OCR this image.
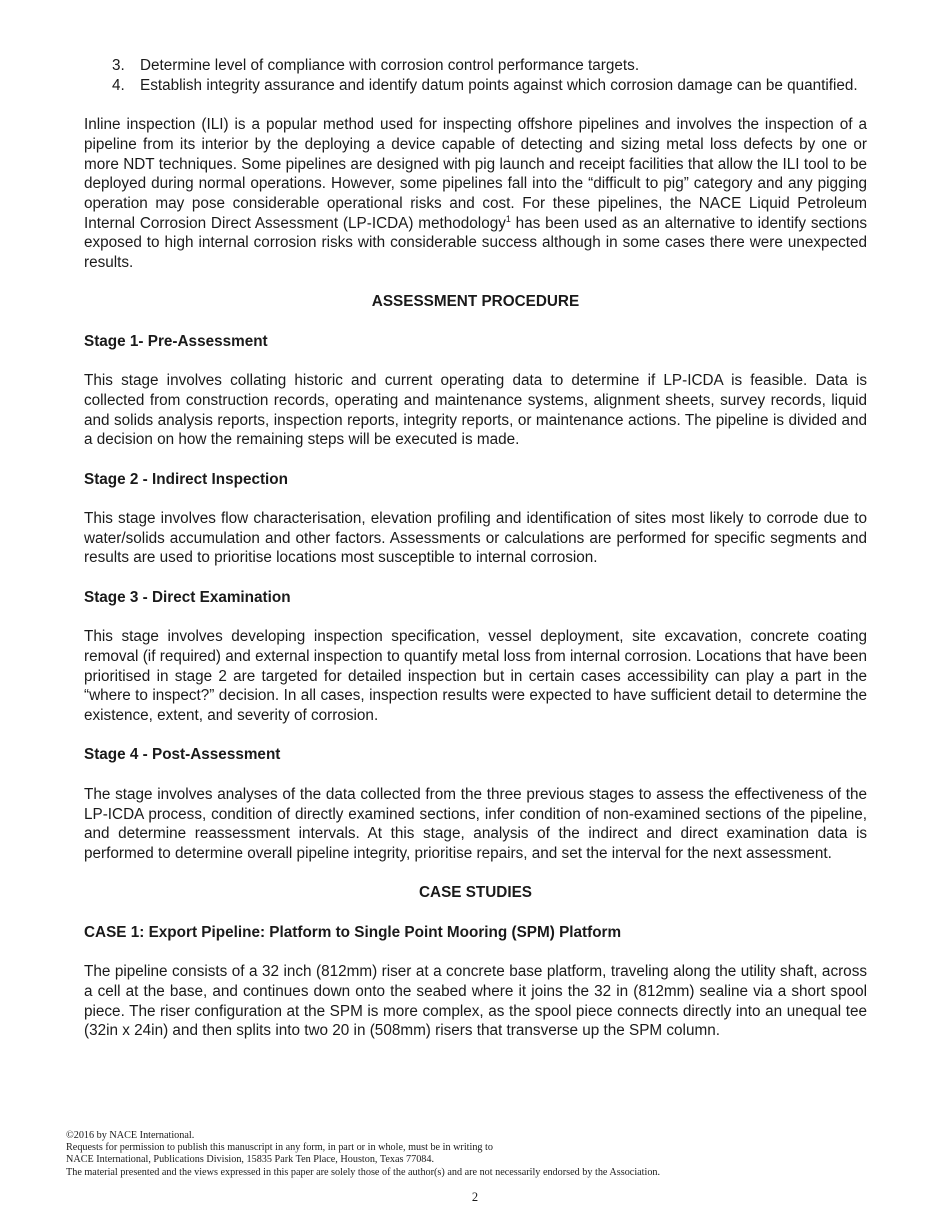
3. Determine level of compliance with corrosion control performance targets.
4. Establish integrity assurance and identify datum points against which corrosion damage can be quantified.

Inline inspection (ILI) is a popular method used for inspecting offshore pipelines and involves the inspection of a pipeline from its interior by the deploying a device capable of detecting and sizing metal loss defects by one or more NDT techniques. Some pipelines are designed with pig launch and receipt facilities that allow the ILI tool to be deployed during normal operations. However, some pipelines fall into the “difficult to pig” category and any pigging operation may pose considerable operational risks and cost. For these pipelines, the NACE Liquid Petroleum Internal Corrosion Direct Assessment (LP-ICDA) methodology$^1$ has been used as an alternative to identify sections exposed to high internal corrosion risks with considerable success although in some cases there were unexpected results.

ASSESSMENT PROCEDURE
Stage 1- Pre-Assessment

This stage involves collating historic and current operating data to determine if LP-ICDA is feasible. Data is collected from construction records, operating and maintenance systems, alignment sheets, survey records, liquid and solids analysis reports, inspection reports, integrity reports, or maintenance actions. The pipeline is divided and a decision on how the remaining steps will be executed is made.

Stage 2 - Indirect Inspection

This stage involves flow characterisation, elevation profiling and identification of sites most likely to corrode due to water/solids accumulation and other factors. Assessments or calculations are performed for specific segments and results are used to prioritise locations most susceptible to internal corrosion.

Stage 3 - Direct Examination

This stage involves developing inspection specification, vessel deployment, site excavation, concrete coating removal (if required) and external inspection to quantify metal loss from internal corrosion. Locations that have been prioritised in stage 2 are targeted for detailed inspection but in certain cases accessibility can play a part in the “where to inspect?” decision. In all cases, inspection results were expected to have sufficient detail to determine the existence, extent, and severity of corrosion.

Stage 4 - Post-Assessment

The stage involves analyses of the data collected from the three previous stages to assess the effectiveness of the LP-ICDA process, condition of directly examined sections, infer condition of non-examined sections of the pipeline, and determine reassessment intervals. At this stage, analysis of the indirect and direct examination data is performed to determine overall pipeline integrity, prioritise repairs, and set the interval for the next assessment.

CASE STUDIES
CASE 1: Export Pipeline: Platform to Single Point Mooring (SPM) Platform

The pipeline consists of a 32 inch (812mm) riser at a concrete base platform, traveling along the utility shaft, across a cell at the base, and continues down onto the seabed where it joins the 32 in (812mm) sealine via a short spool piece. The riser configuration at the SPM is more complex, as the spool piece connects directly into an unequal tee (32in x 24in) and then splits into two 20 in (508mm) risers that transverse up the SPM column.

©2016 by NACE International.
Requests for permission to publish this manuscript in any form, in part or in whole, must be in writing to
NACE International, Publications Division, 15835 Park Ten Place, Houston, Texas 77084.
The material presented and the views expressed in this paper are solely those of the author(s) and are not necessarily endorsed by the Association.
2
